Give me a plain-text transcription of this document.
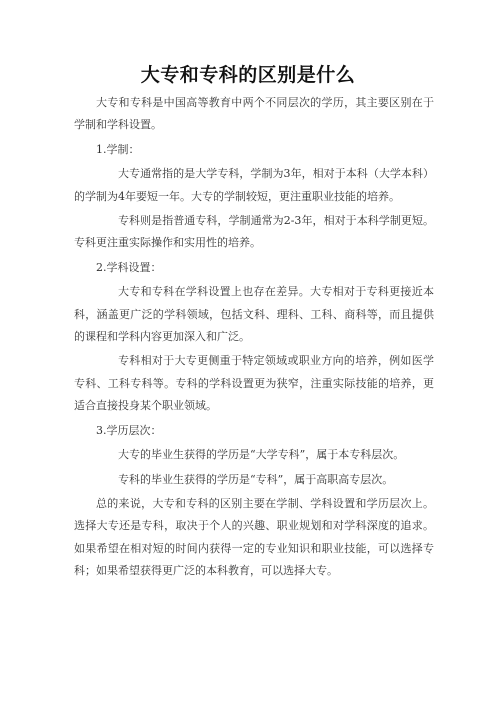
大专和专科的区别是什么

大专和专科是中国高等教育中两个不同层次的学历，其主要区别在于学制和学科设置。

1.学制：

大专通常指的是大学专科，学制为3年，相对于本科（大学本科）的学制为4年要短一年。大专的学制较短，更注重职业技能的培养。

专科则是指普通专科，学制通常为2-3年，相对于本科学制更短。专科更注重实际操作和实用性的培养。

2.学科设置：

大专和专科在学科设置上也存在差异。大专相对于专科更接近本科，涵盖更广泛的学科领域，包括文科、理科、工科、商科等，而且提供的课程和学科内容更加深入和广泛。

专科相对于大专更侧重于特定领域或职业方向的培养，例如医学专科、工科专科等。专科的学科设置更为狭窄，注重实际技能的培养，更适合直接投身某个职业领域。

3.学历层次：

大专的毕业生获得的学历是“大学专科”，属于本专科层次。

专科的毕业生获得的学历是“专科”，属于高职高专层次。

总的来说，大专和专科的区别主要在学制、学科设置和学历层次上。选择大专还是专科，取决于个人的兴趣、职业规划和对学科深度的追求。如果希望在相对短的时间内获得一定的专业知识和职业技能，可以选择专科；如果希望获得更广泛的本科教育，可以选择大专。
